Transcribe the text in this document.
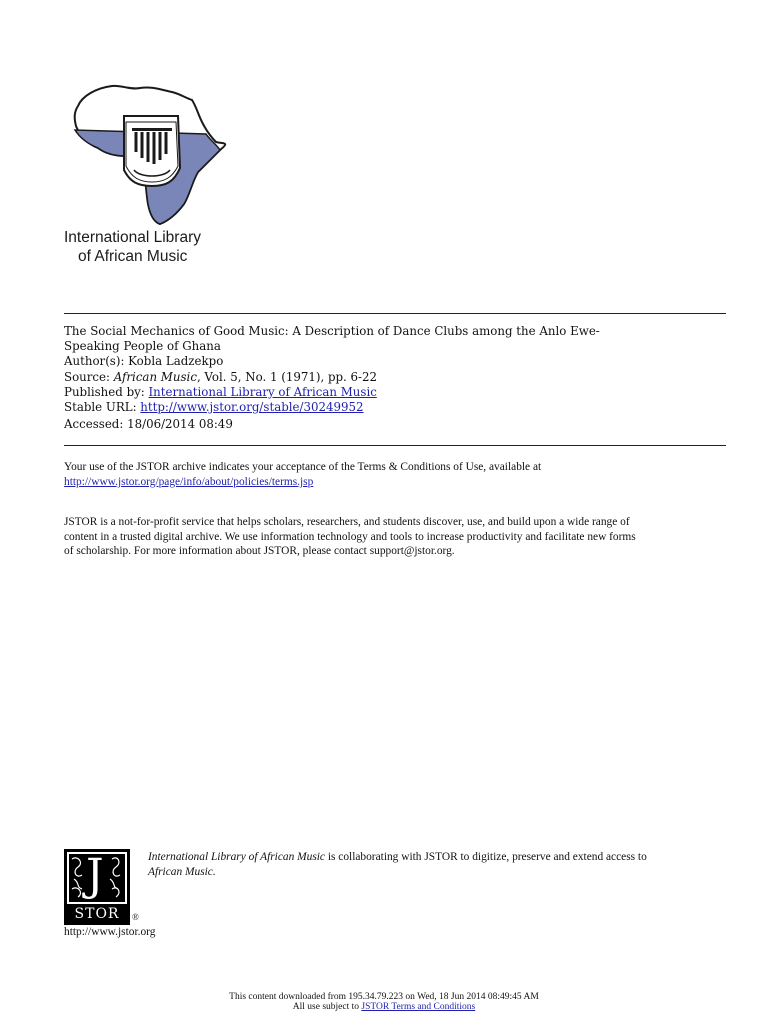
International Library
of African Music
The Social Mechanics of Good Music: A Description of Dance Clubs among the Anlo Ewe-
Speaking People of Ghana
Author(s): Kobla Ladzekpo
Source: African Music, Vol. 5, No. 1 (1971), pp. 6-22
Published by: International Library of African Music
Stable URL: http://www.jstor.org/stable/30249952
Accessed: 18/06/2014 08:49
Your use of the JSTOR archive indicates your acceptance of the Terms & Conditions of Use, available at
http://www.jstor.org/page/info/about/policies/terms.jsp
JSTOR is a not-for-profit service that helps scholars, researchers, and students discover, use, and build upon a wide range of
content in a trusted digital archive. We use information technology and tools to increase productivity and facilitate new forms
of scholarship. For more information about JSTOR, please contact support@jstor.org.
J
STOR	®
http://www.jstor.org
International Library of African Music is collaborating with JSTOR to digitize, preserve and extend access to
African Music.
This content downloaded from 195.34.79.223 on Wed, 18 Jun 2014 08:49:45 AM
All use subject to JSTOR Terms and Conditions
